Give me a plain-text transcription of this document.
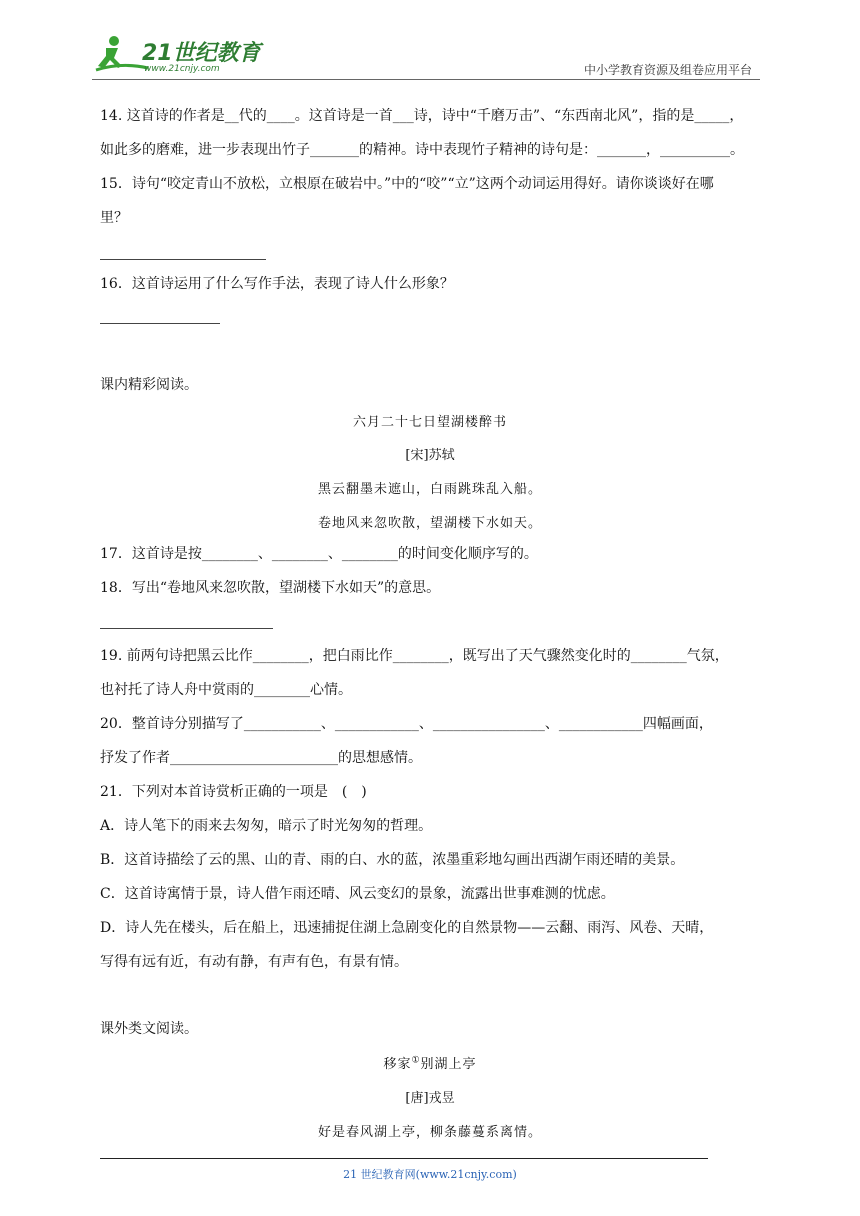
21世纪教育
www.21cnjy.com	中小学教育资源及组卷应用平台
14. 这首诗的作者是__代的____。这首诗是一首___诗，诗中“千磨万击”、“东西南北风”，指的是_____，
如此多的磨难，进一步表现出竹子_______的精神。诗中表现竹子精神的诗句是：_______，__________。
15．诗句“咬定青山不放松，立根原在破岩中。”中的“咬”“立”这两个动词运用得好。请你谈谈好在哪
里？
16．这首诗运用了什么写作手法，表现了诗人什么形象？
课内精彩阅读。
六月二十七日望湖楼醉书
[宋]苏轼
黑云翻墨未遮山，白雨跳珠乱入船。
卷地风来忽吹散，望湖楼下水如天。
17．这首诗是按________、________、________的时间变化顺序写的。
18．写出“卷地风来忽吹散，望湖楼下水如天”的意思。
19. 前两句诗把黑云比作________，把白雨比作________，既写出了天气骤然变化时的________气氛，
也衬托了诗人舟中赏雨的________心情。
20．整首诗分别描写了___________、____________、________________、____________四幅画面，
抒发了作者________________________的思想感情。
21．下列对本首诗赏析正确的一项是　(　)
A．诗人笔下的雨来去匆匆，暗示了时光匆匆的哲理。
B．这首诗描绘了云的黑、山的青、雨的白、水的蓝，浓墨重彩地勾画出西湖乍雨还晴的美景。
C．这首诗寓情于景，诗人借乍雨还晴、风云变幻的景象，流露出世事难测的忧虑。
D．诗人先在楼头，后在船上，迅速捕捉住湖上急剧变化的自然景物——云翻、雨泻、风卷、天晴，
写得有远有近，有动有静，有声有色，有景有情。
课外类文阅读。
移家①别湖上亭
[唐]戎昱
好是春风湖上亭，柳条藤蔓系离情。
21 世纪教育网(www.21cnjy.com)
